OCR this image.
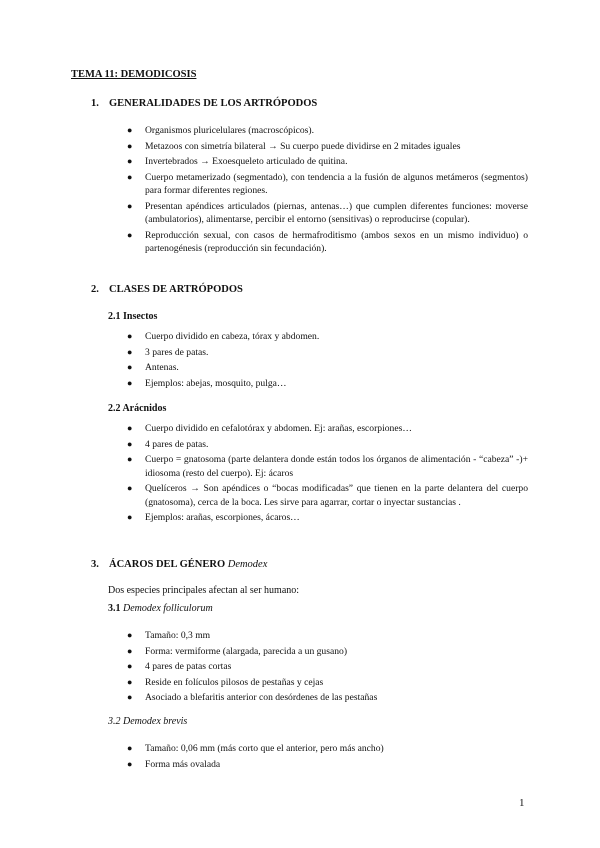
TEMA 11: DEMODICOSIS
1. GENERALIDADES DE LOS ARTRÓPODOS
● Organismos pluricelulares (macroscópicos).
● Metazoos con simetría bilateral → Su cuerpo puede dividirse en 2 mitades iguales
● Invertebrados → Exoesqueleto articulado de quitina.
● Cuerpo metamerizado (segmentado), con tendencia a la fusión de algunos metámeros (segmentos) para formar diferentes regiones.
● Presentan apéndices articulados (piernas, antenas…) que cumplen diferentes funciones: moverse (ambulatorios), alimentarse, percibir el entorno (sensitivas) o reproducirse (copular).
● Reproducción sexual, con casos de hermafroditismo (ambos sexos en un mismo individuo) o partenogénesis (reproducción sin fecundación).
2. CLASES DE ARTRÓPODOS
2.1 Insectos
● Cuerpo dividido en cabeza, tórax y abdomen.
● 3 pares de patas.
● Antenas.
● Ejemplos: abejas, mosquito, pulga…
2.2 Arácnidos
● Cuerpo dividido en cefalotórax y abdomen. Ej: arañas, escorpiones…
● 4 pares de patas.
● Cuerpo = gnatosoma (parte delantera donde están todos los órganos de alimentación - “cabeza” -)+ idiosoma (resto del cuerpo). Ej: ácaros
● Quelíceros → Son apéndices o “bocas modificadas” que tienen en la parte delantera del cuerpo (gnatosoma), cerca de la boca. Les sirve para agarrar, cortar o inyectar sustancias .
● Ejemplos: arañas, escorpiones, ácaros…
3. ÁCAROS DEL GÉNERO Demodex
Dos especies principales afectan al ser humano:
3.1 Demodex folliculorum
● Tamaño: 0,3 mm
● Forma: vermiforme (alargada, parecida a un gusano)
● 4 pares de patas cortas
● Reside en folículos pilosos de pestañas y cejas
● Asociado a blefaritis anterior con desórdenes de las pestañas
3.2 Demodex brevis
● Tamaño: 0,06 mm (más corto que el anterior, pero más ancho)
● Forma más ovalada
1
